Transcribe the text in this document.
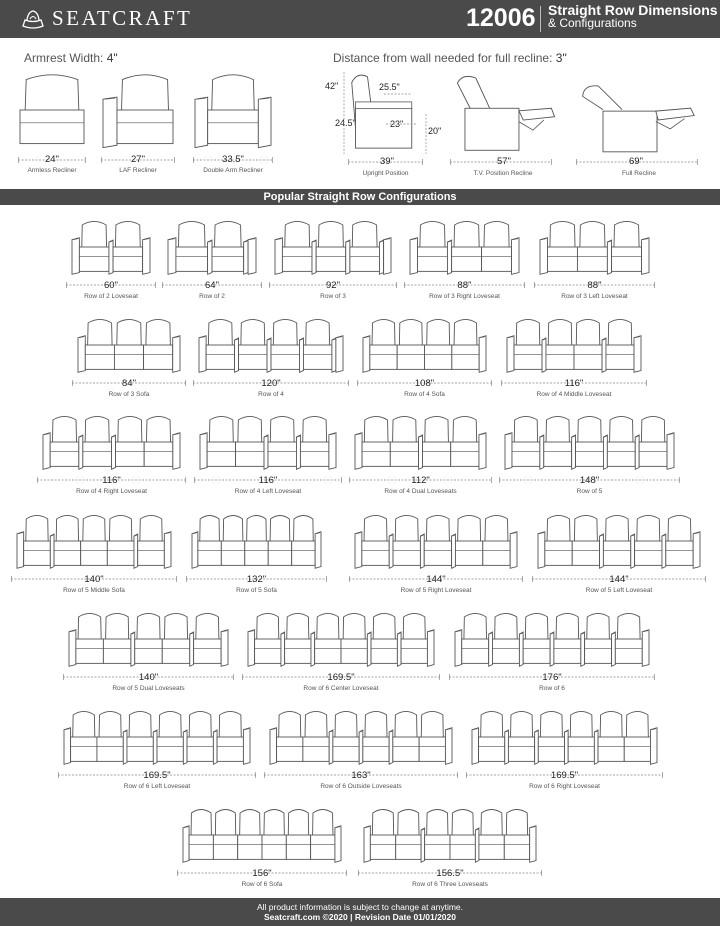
SEATCRAFT	12006 Straight Row Dimensions
& Configurations
Armrest Width: 4"	Distance from wall needed for full recline: 3"
24"
Armless Recliner
27"
LAF Recliner
33.5"
Double Arm Recliner
39"	57"	69"
Upright Position	T.V. Position Recline	Full Recline
42"
24.5"
25.5"
23"
20"
Popular Straight Row Configurations
60"
Row of 2 Loveseat
64"
Row of 2
92"
Row of 3
88"
Row of 3 Right Loveseat
88"
Row of 3 Left Loveseat
84"
Row of 3 Sofa
120"
Row of 4
108"
Row of 4 Sofa
116"
Row of 4 Middle Loveseat
116"
Row of 4 Right Loveseat
116"
Row of 4 Left Loveseat
112"
Row of 4 Dual Loveseats
148"
Row of 5
140"
Row of 5 Middle Sofa
132"
Row of 5 Sofa
144"
Row of 5 Right Loveseat
144"
Row of 5 Left Loveseat
140"
Row of 5 Dual Loveseats
169.5"
Row of 6 Center Loveseat
176"
Row of 6
169.5"
Row of 6 Left Loveseat
163"
Row of 6 Outside Loveseats
169.5"
Row of 6 Right Loveseat
156"
Row of 6 Sofa
156.5"
Row of 6 Three Loveseats
All product information is subject to change at anytime.
Seatcraft.com ©2020 | Revision Date 01/01/2020
